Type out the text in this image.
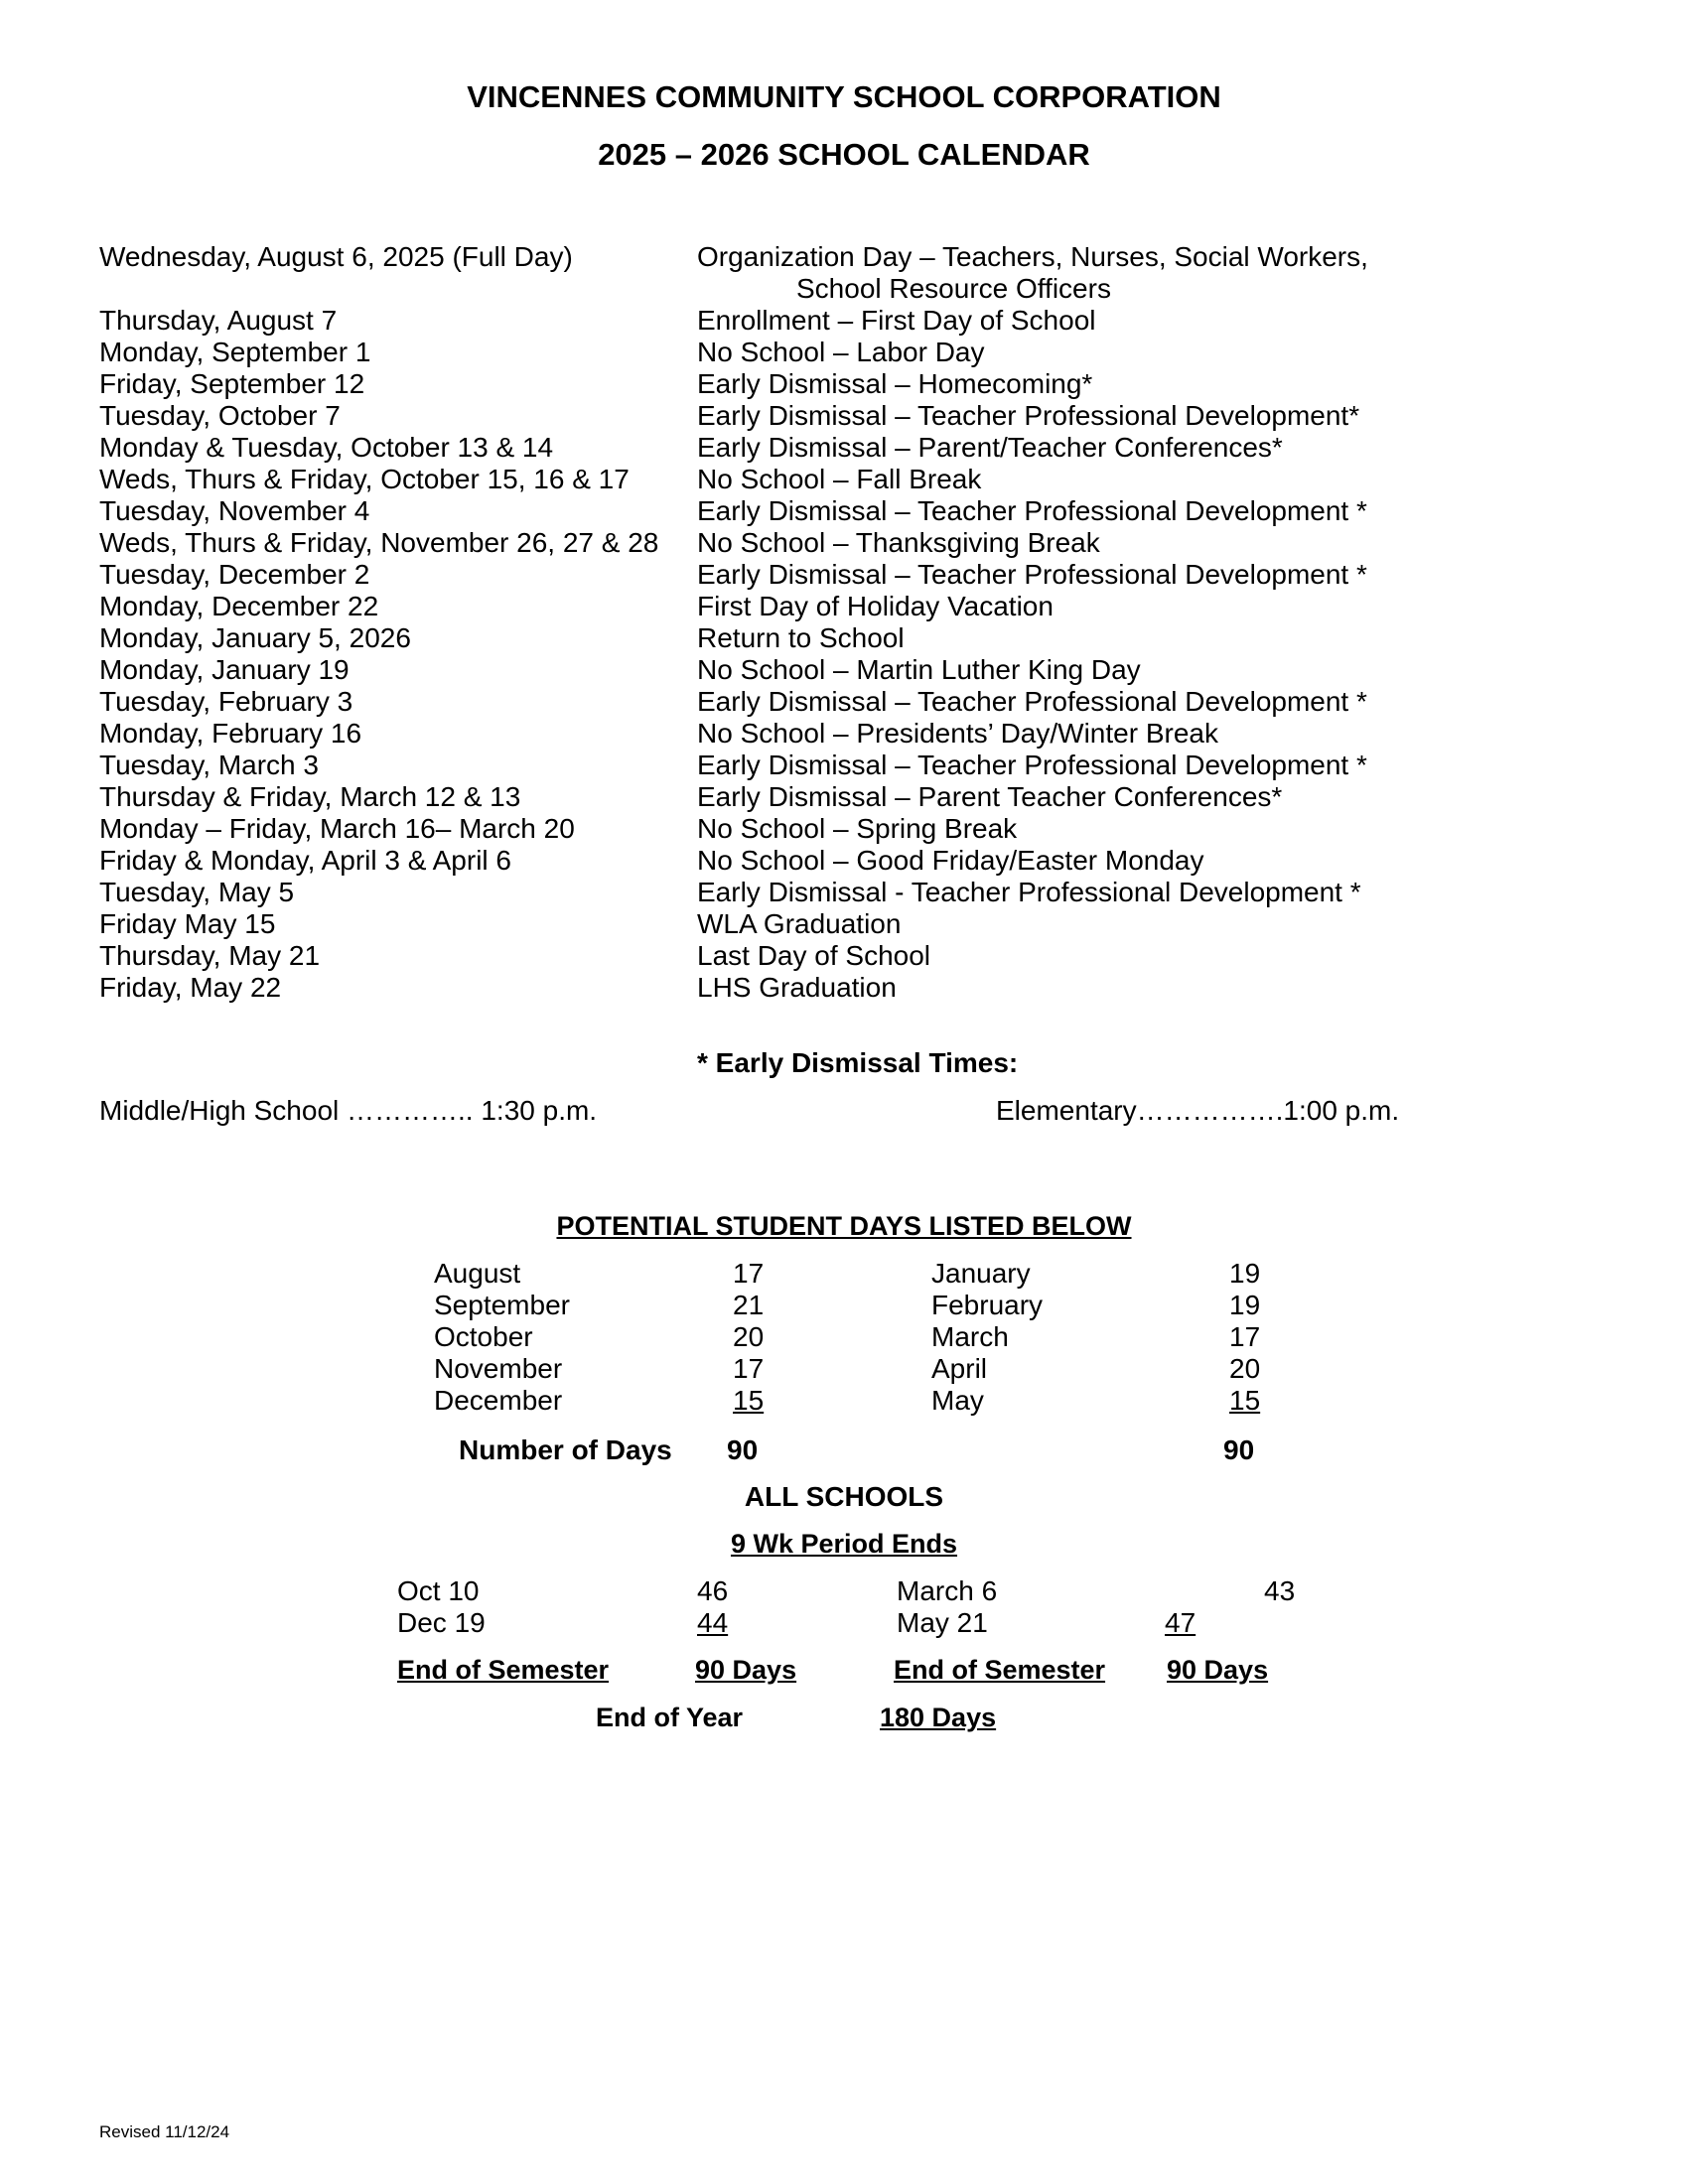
VINCENNES COMMUNITY SCHOOL CORPORATION
2025 – 2026 SCHOOL CALENDAR
Wednesday, August 6, 2025 (Full Day)	Organization Day – Teachers, Nurses, Social Workers,
School Resource Officers
Thursday, August 7	Enrollment – First Day of School
Monday, September 1	No School – Labor Day
Friday, September 12	Early Dismissal – Homecoming*
Tuesday, October 7	Early Dismissal – Teacher Professional Development*
Monday & Tuesday, October 13 & 14	Early Dismissal – Parent/Teacher Conferences*
Weds, Thurs & Friday, October 15, 16 & 17 No School – Fall Break
Tuesday, November 4	Early Dismissal – Teacher Professional Development *
Weds, Thurs & Friday, November 26, 27 & 28 No School – Thanksgiving Break
Tuesday, December 2	Early Dismissal – Teacher Professional Development *
Monday, December 22	First Day of Holiday Vacation
Monday, January 5, 2026	Return to School
Monday, January 19	No School – Martin Luther King Day
Tuesday, February 3	Early Dismissal – Teacher Professional Development *
Monday, February 16	No School – Presidents’ Day/Winter Break
Tuesday, March 3	Early Dismissal – Teacher Professional Development *
Thursday & Friday, March 12 & 13	Early Dismissal – Parent Teacher Conferences*
Monday – Friday, March 16– March 20	No School – Spring Break
Friday & Monday, April 3 & April 6	No School – Good Friday/Easter Monday
Tuesday, May 5	Early Dismissal - Teacher Professional Development *
Friday May 15	WLA Graduation
Thursday, May 21	Last Day of School
Friday, May 22	LHS Graduation
* Early Dismissal Times:
Middle/High School ………….. 1:30 p.m.	Elementary…………….1:00 p.m.
POTENTIAL STUDENT DAYS LISTED BELOW
August	17	January	19
September	21	February	19
October	20	March	17
November	17	April	20
December	15	May	15
Number of Days 90	90
ALL SCHOOLS
9 Wk Period Ends
Oct 10	46	March 6	43
Dec 19	44	May 21	47
End of Semester	90 Days	End of Semester 90 Days
End of Year	180 Days
Revised 11/12/24
